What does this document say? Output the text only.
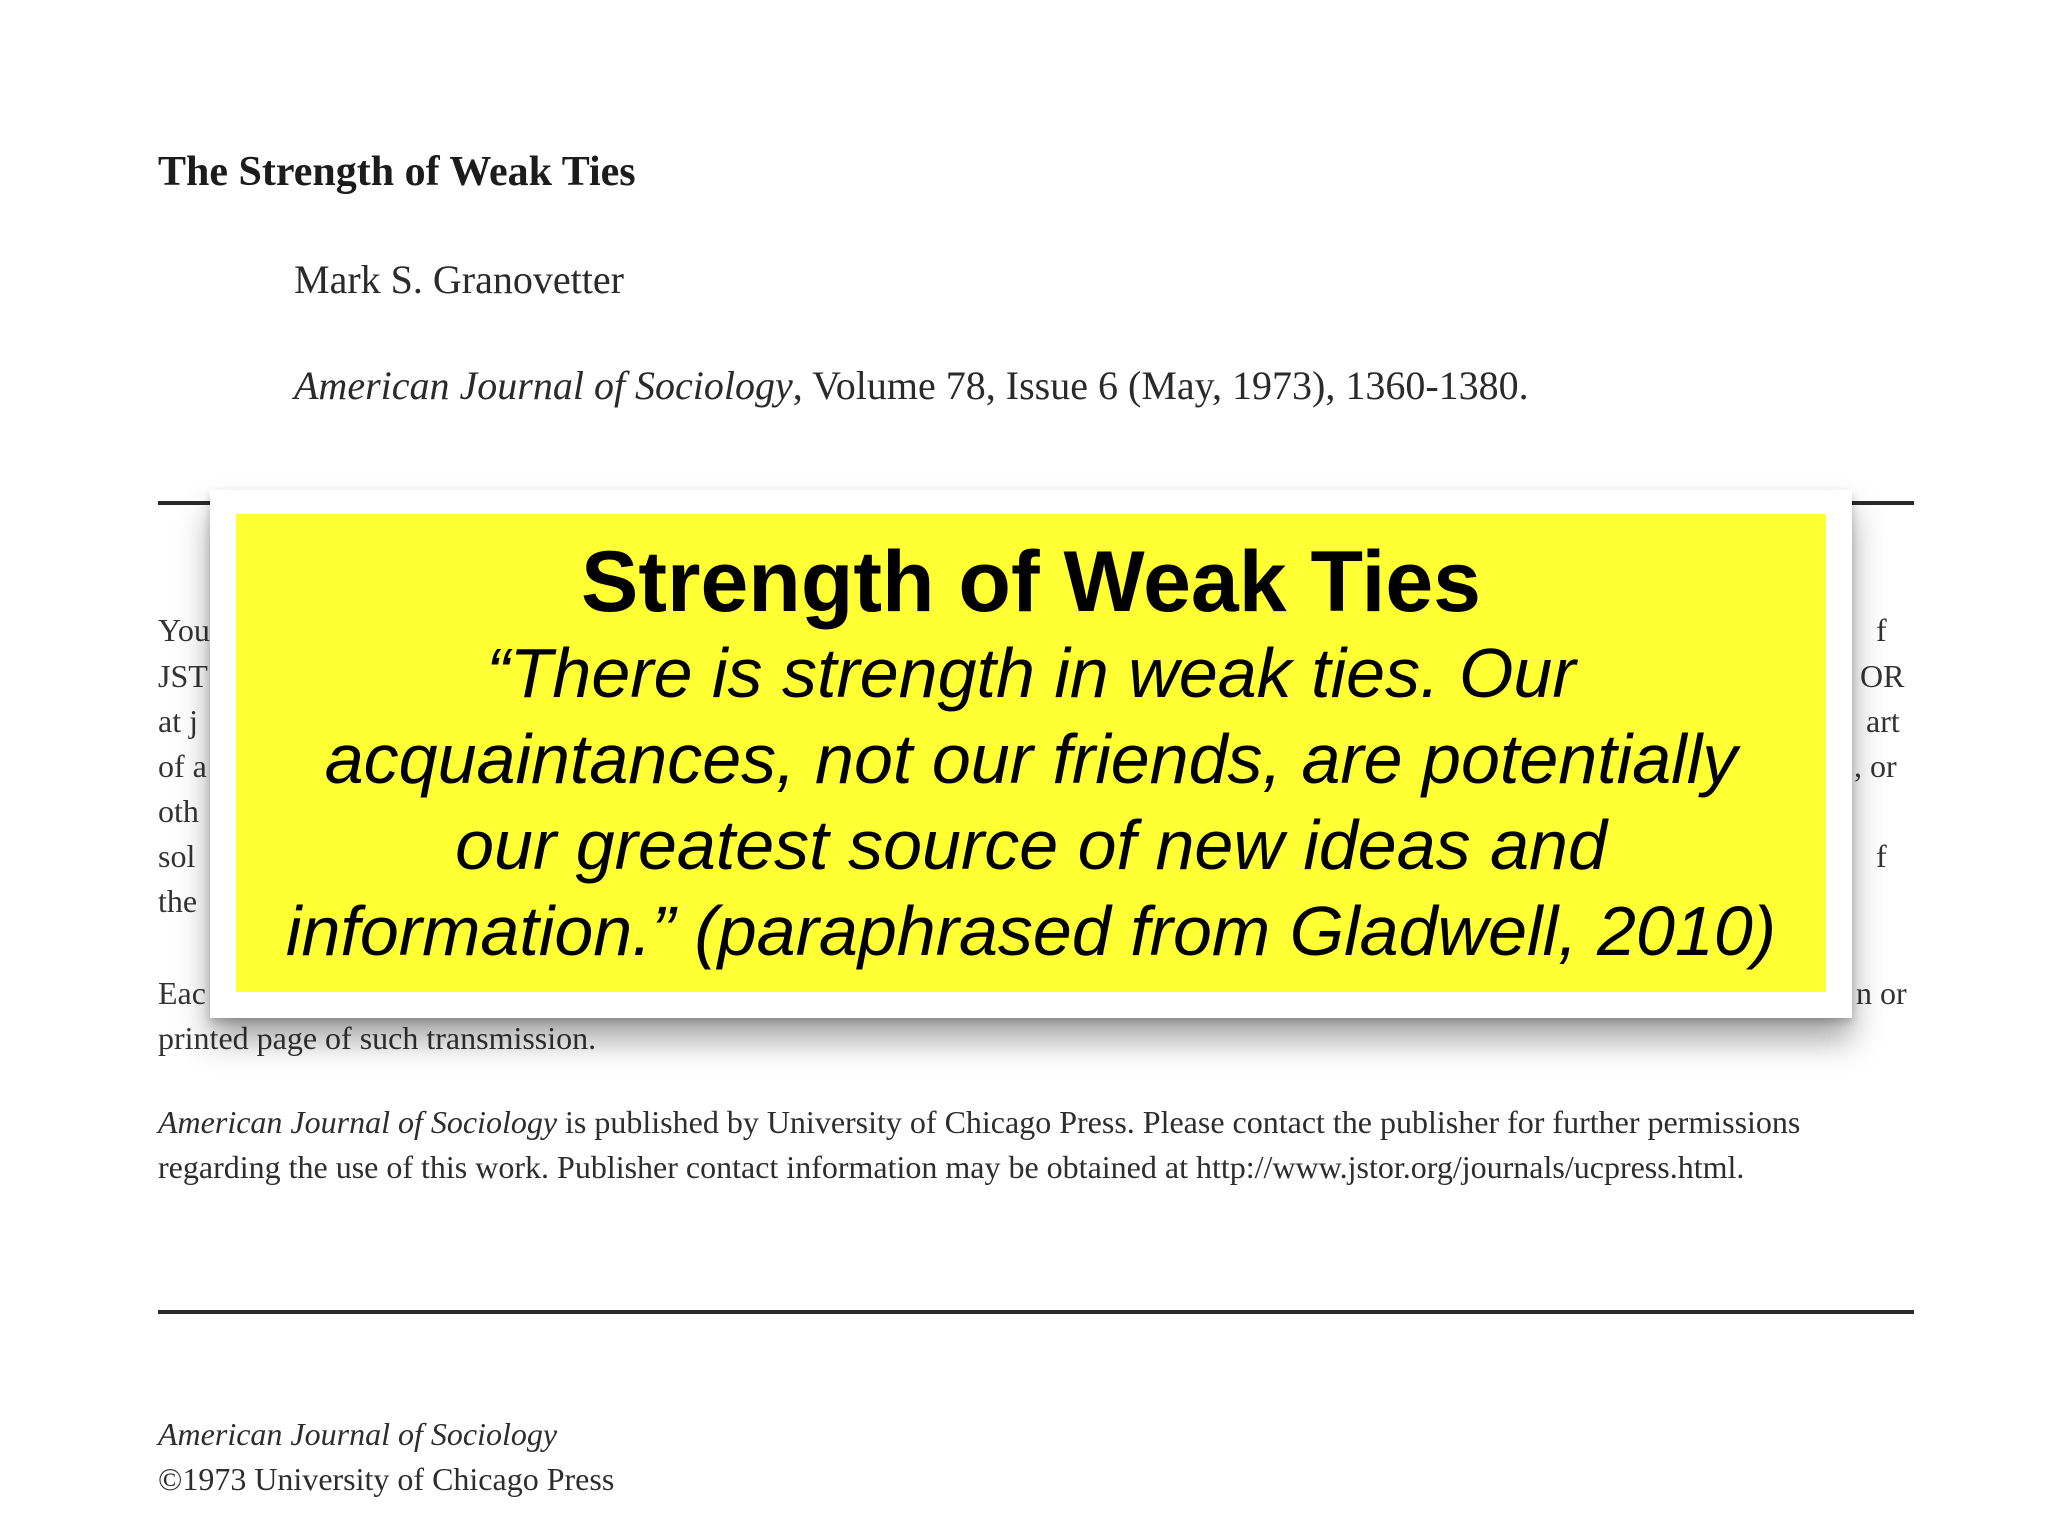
The Strength of Weak Ties
Mark S. Granovetter
American Journal of Sociology, Volume 78, Issue 6 (May, 1973), 1360-1380.
You
JST
at j
of a
oth
sol
the
Eac
printed page of such transmission.
f
OR
art
, or
f
n or
American Journal of Sociology is published by University of Chicago Press. Please contact the publisher for further permissions regarding the use of this work. Publisher contact information may be obtained at http://www.jstor.org/journals/ucpress.html.
American Journal of Sociology
©1973 University of Chicago Press
Strength of Weak Ties
“There is strength in weak ties. Our
acquaintances, not our friends, are potentially
our greatest source of new ideas and
information.” (paraphrased from Gladwell, 2010)
